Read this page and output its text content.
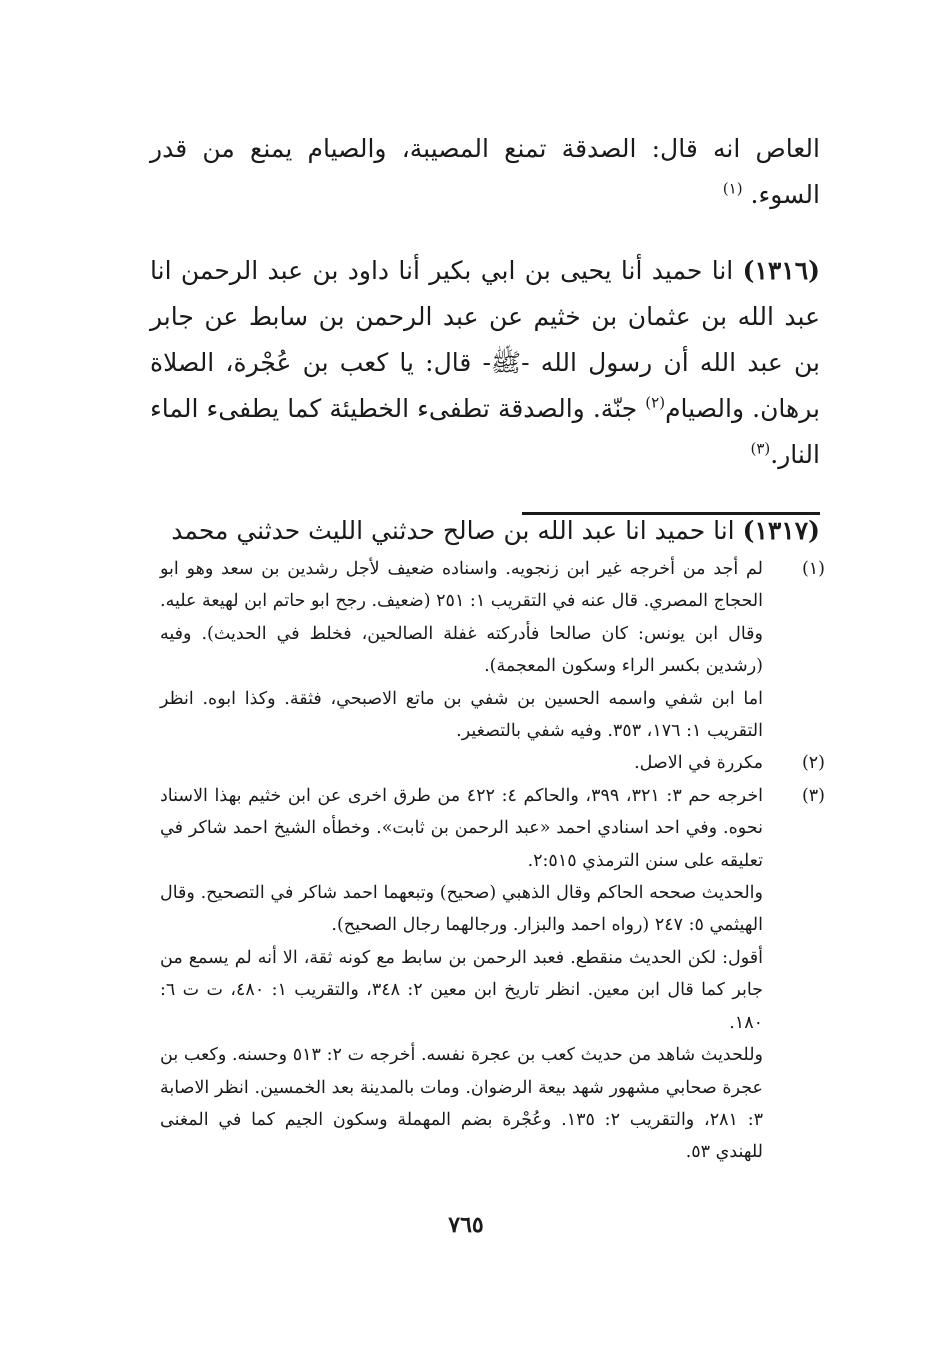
العاص انه قال: الصدقة تمنع المصيبة، والصيام يمنع من قدر السوء. $^{(١)}$

(١٣١٦) انا حميد أنا يحيى بن ابي بكير أنا داود بن عبد الرحمن انا عبد الله بن عثمان بن خثيم عن عبد الرحمن بن سابط عن جابر بن عبد الله أن رسول الله -ﷺ- قال: يا كعب بن عُجْرة، الصلاة برهان. والصيام$^{(٢)}$ جنّة. والصدقة تطفىء الخطيئة كما يطفىء الماء النار.$^{(٣)}$

(١٣١٧) انا حميد انا عبد الله بن صالح حدثني الليث حدثني محمد

(١)

لم أجد من أخرجه غير ابن زنجويه. واسناده ضعيف لأجل رشدين بن سعد وهو ابو الحجاج المصري. قال عنه في التقريب ١: ٢٥١ (ضعيف. رجح ابو حاتم ابن لهيعة عليه. وقال ابن يونس: كان صالحا فأدركته غفلة الصالحين، فخلط في الحديث). وفيه (رشدين بكسر الراء وسكون المعجمة).

اما ابن شفي واسمه الحسين بن شفي بن ماتع الاصبحي، فثقة. وكذا ابوه. انظر التقريب ١: ١٧٦، ٣٥٣. وفيه شفي بالتصغير.

(٢)

مكررة في الاصل.

(٣)

اخرجه حم ٣: ٣٢١، ٣٩٩، والحاكم ٤: ٤٢٢ من طرق اخرى عن ابن خثيم بهذا الاسناد نحوه. وفي احد اسنادي احمد «عبد الرحمن بن ثابت». وخطأه الشيخ احمد شاكر في تعليقه على سنن الترمذي ٢:٥١٥.

والحديث صححه الحاكم وقال الذهبي (صحيح) وتبعهما احمد شاكر في التصحيح. وقال الهيثمي ٥: ٢٤٧ (رواه احمد والبزار. ورجالهما رجال الصحيح).

أقول: لكن الحديث منقطع. فعبد الرحمن بن سابط مع كونه ثقة، الا أنه لم يسمع من جابر كما قال ابن معين. انظر تاريخ ابن معين ٢: ٣٤٨، والتقريب ١: ٤٨٠، ت ت ٦: ١٨٠.

وللحديث شاهد من حديث كعب بن عجرة نفسه. أخرجه ت ٢: ٥١٣ وحسنه. وكعب بن عجرة صحابي مشهور شهد بيعة الرضوان. ومات بالمدينة بعد الخمسين. انظر الاصابة ٣: ٢٨١، والتقريب ٢: ١٣٥. وعُجْرة بضم المهملة وسكون الجيم كما في المغنى للهندي ٥٣.

٧٦٥
